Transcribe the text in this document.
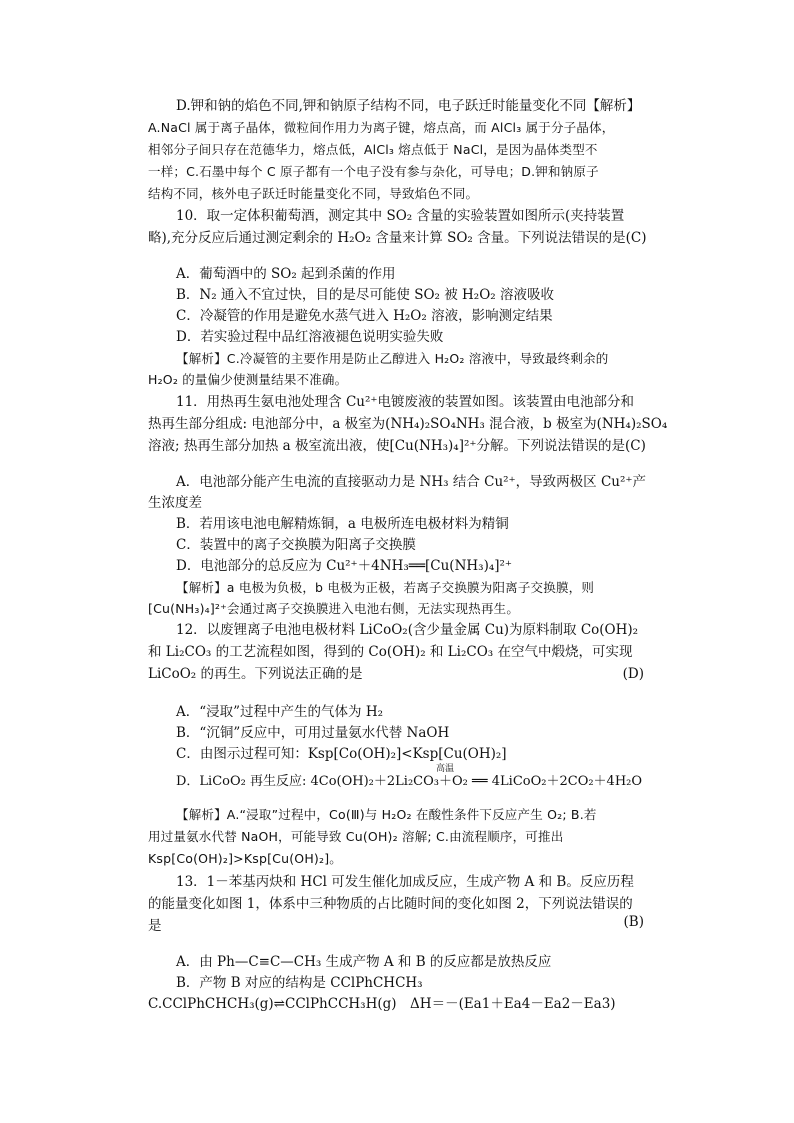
D.钾和钠的焰色不同,钾和钠原子结构不同，电子跃迁时能量变化不同【解析】
A.NaCl 属于离子晶体，微粒间作用力为离子键，熔点高，而 AlCl₃ 属于分子晶体，
相邻分子间只存在范德华力，熔点低，AlCl₃ 熔点低于 NaCl，是因为晶体类型不
一样；C.石墨中每个 C 原子都有一个电子没有参与杂化，可导电；D.钾和钠原子
结构不同，核外电子跃迁时能量变化不同，导致焰色不同。
10．取一定体积葡萄酒，测定其中 SO₂ 含量的实验装置如图所示(夹持装置
略),充分反应后通过测定剩余的 H₂O₂ 含量来计算 SO₂ 含量。下列说法错误的是(C)
A．葡萄酒中的 SO₂ 起到杀菌的作用
B．N₂ 通入不宜过快，目的是尽可能使 SO₂ 被 H₂O₂ 溶液吸收
C．冷凝管的作用是避免水蒸气进入 H₂O₂ 溶液，影响测定结果
D．若实验过程中品红溶液褪色说明实验失败
【解析】C.冷凝管的主要作用是防止乙醇进入 H₂O₂ 溶液中，导致最终剩余的
H₂O₂ 的量偏少使测量结果不准确。
11．用热再生氨电池处理含 Cu²⁺电镀废液的装置如图。该装置由电池部分和
热再生部分组成: 电池部分中，a 极室为(NH₄)₂SO₄NH₃ 混合液，b 极室为(NH₄)₂SO₄
溶液; 热再生部分加热 a 极室流出液，使[Cu(NH₃)₄]²⁺分解。下列说法错误的是(C)
A．电池部分能产生电流的直接驱动力是 NH₃ 结合 Cu²⁺，导致两极区 Cu²⁺产
生浓度差
B．若用该电池电解精炼铜，a 电极所连电极材料为精铜
C．装置中的离子交换膜为阳离子交换膜
D．电池部分的总反应为 Cu²⁺＋4NH₃══[Cu(NH₃)₄]²⁺
【解析】a 电极为负极，b 电极为正极，若离子交换膜为阳离子交换膜，则
[Cu(NH₃)₄]²⁺会通过离子交换膜进入电池右侧，无法实现热再生。
12．以废锂离子电池电极材料 LiCoO₂(含少量金属 Cu)为原料制取 Co(OH)₂
和 Li₂CO₃ 的工艺流程如图，得到的 Co(OH)₂ 和 Li₂CO₃ 在空气中煅烧，可实现
LiCoO₂ 的再生。下列说法正确的是	(D)
A．“浸取”过程中产生的气体为 H₂
B．“沉铜”反应中，可用过量氨水代替 NaOH
C．由图示过程可知：Ksp[Co(OH)₂]<Ksp[Cu(OH)₂]
D．LiCoO₂ 再生反应: 4Co(OH)₂＋2Li₂CO₃＋O₂ ══ 4LiCoO₂＋2CO₂＋4H₂O
高温
【解析】A.“浸取”过程中，Co(Ⅲ)与 H₂O₂ 在酸性条件下反应产生 O₂; B.若
用过量氨水代替 NaOH，可能导致 Cu(OH)₂ 溶解; C.由流程顺序，可推出
Ksp[Co(OH)₂]>Ksp[Cu(OH)₂]。
13．1－苯基丙炔和 HCl 可发生催化加成反应，生成产物 A 和 B。反应历程
的能量变化如图 1，体系中三种物质的占比随时间的变化如图 2，下列说法错误的
是	(B)
A．由 Ph—C≡C—CH₃ 生成产物 A 和 B 的反应都是放热反应
B．产物 B 对应的结构是 CClPhCHCH₃
C.CClPhCHCH₃(g)⇌CClPhCCH₃H(g)　ΔH＝－(Ea1＋Ea4－Ea2－Ea3)
